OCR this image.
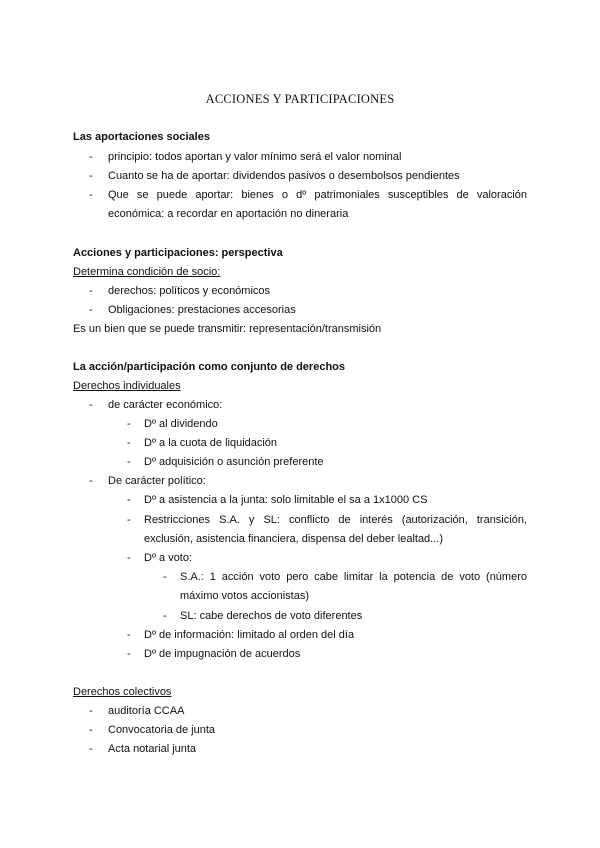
ACCIONES Y PARTICIPACIONES
Las aportaciones sociales
- principio: todos aportan y valor mínimo será el valor nominal
- Cuanto se ha de aportar: dividendos pasivos o desembolsos pendientes
- Que se puede aportar: bienes o dº patrimoniales susceptibles de valoración
económica: a recordar en aportación no dineraria
Acciones y participaciones: perspectiva
Determina condición de socio:
- derechos: políticos y económicos
- Obligaciones: prestaciones accesorias
Es un bien que se puede transmitir: representación/transmisión
La acción/participación como conjunto de derechos
Derechos individuales
- de carácter económico:
- Dº al dividendo
- Dº a la cuota de liquidación
- Dº adquisición o asunción preferente
- De carácter político:
- Dº a asistencia a la junta: solo limitable el sa a 1x1000 CS
- Restricciones S.A. y SL: conflicto de interés (autorización, transición,
exclusión, asistencia financiera, dispensa del deber lealtad...)
- Dº a voto:
- S.A.: 1 acción voto pero cabe limitar la potencia de voto (número
máximo votos accionistas)
- SL: cabe derechos de voto diferentes
- Dº de información: limitado al orden del día
- Dº de impugnación de acuerdos
Derechos colectivos
- auditoría CCAA
- Convocatoria de junta
- Acta notarial junta
